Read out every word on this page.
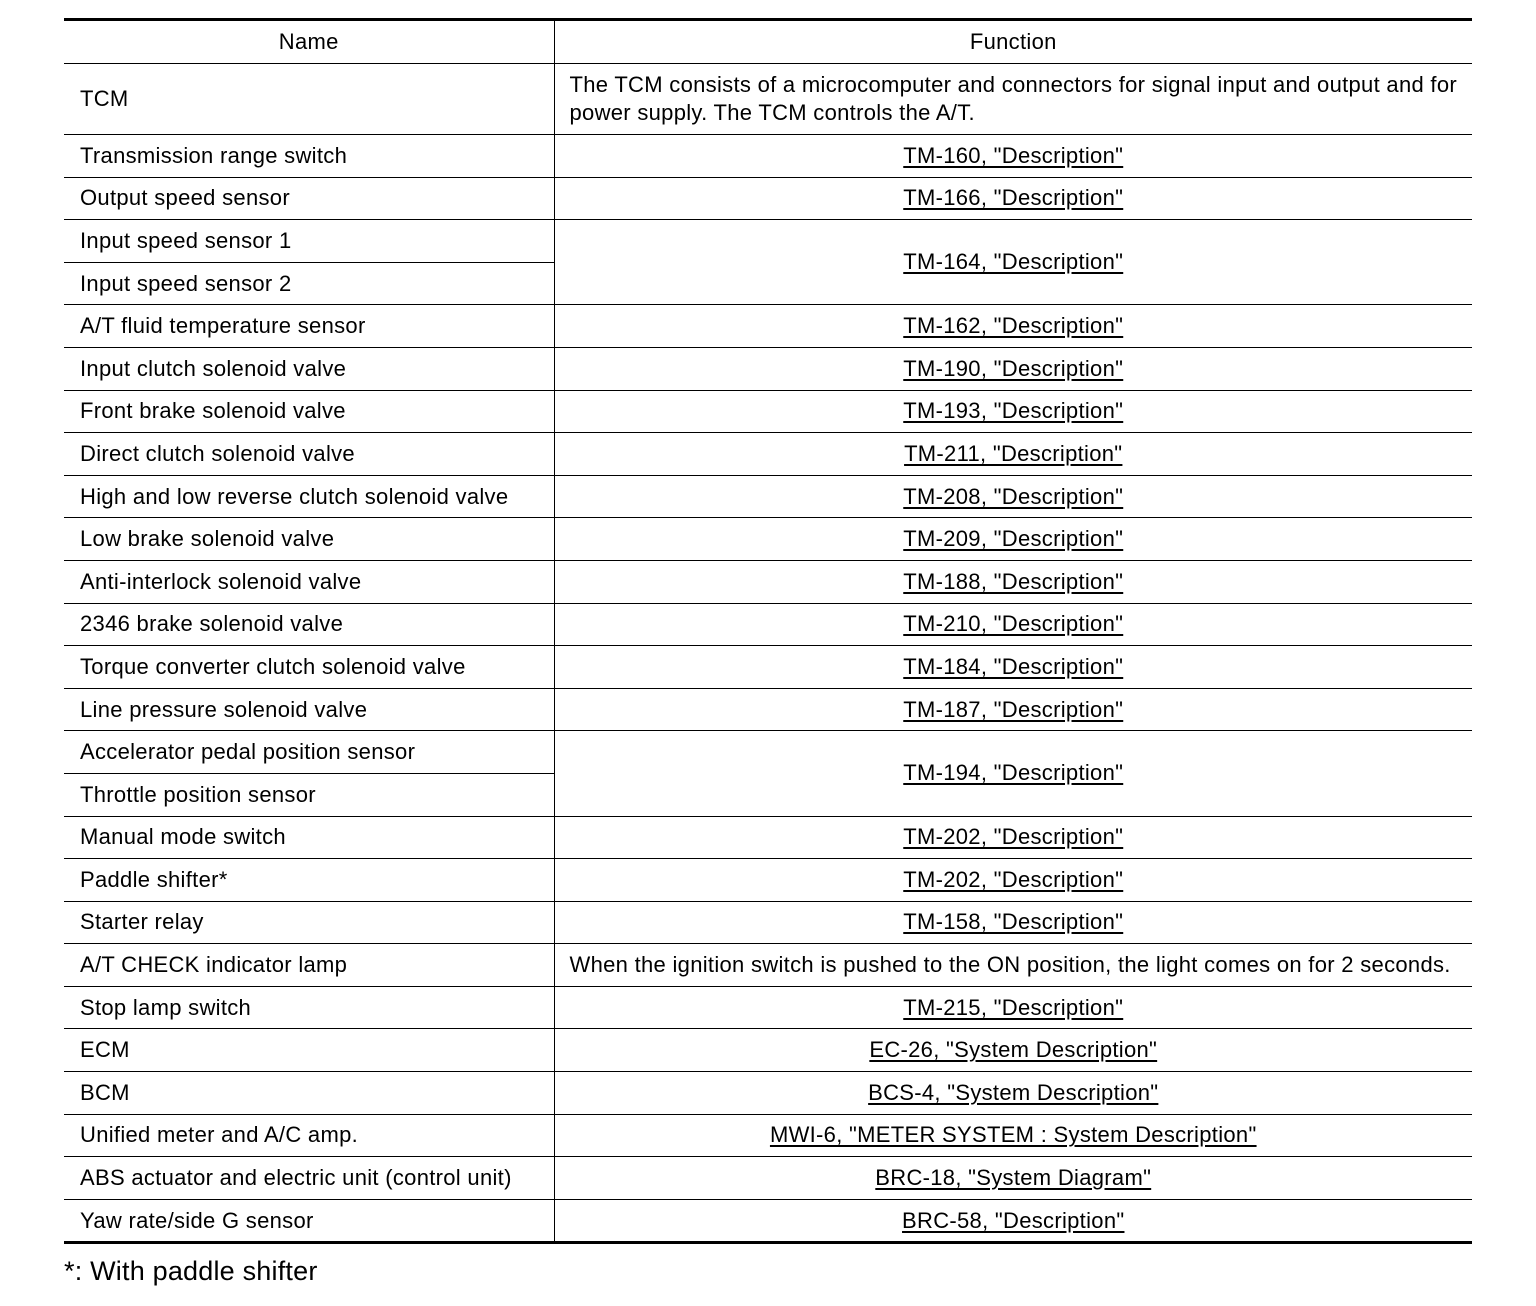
Name	Function
TCM	The TCM consists of a microcomputer and connectors for signal input and output and for power supply. The TCM controls the A/T.
Transmission range switch	TM-160, "Description"
Output speed sensor	TM-166, "Description"
Input speed sensor 1	TM-164, "Description"
Input speed sensor 2	
A/T fluid temperature sensor	TM-162, "Description"
Input clutch solenoid valve	TM-190, "Description"
Front brake solenoid valve	TM-193, "Description"
Direct clutch solenoid valve	TM-211, "Description"
High and low reverse clutch solenoid valve	TM-208, "Description"
Low brake solenoid valve	TM-209, "Description"
Anti-interlock solenoid valve	TM-188, "Description"
2346 brake solenoid valve	TM-210, "Description"
Torque converter clutch solenoid valve	TM-184, "Description"
Line pressure solenoid valve	TM-187, "Description"
Accelerator pedal position sensor	TM-194, "Description"
Throttle position sensor	
Manual mode switch	TM-202, "Description"
Paddle shifter*	TM-202, "Description"
Starter relay	TM-158, "Description"
A/T CHECK indicator lamp	When the ignition switch is pushed to the ON position, the light comes on for 2 seconds.
Stop lamp switch	TM-215, "Description"
ECM	EC-26, "System Description"
BCM	BCS-4, "System Description"
Unified meter and A/C amp.	MWI-6, "METER SYSTEM : System Description"
ABS actuator and electric unit (control unit)	BRC-18, "System Diagram"
Yaw rate/side G sensor	BRC-58, "Description"
*: With paddle shifter
